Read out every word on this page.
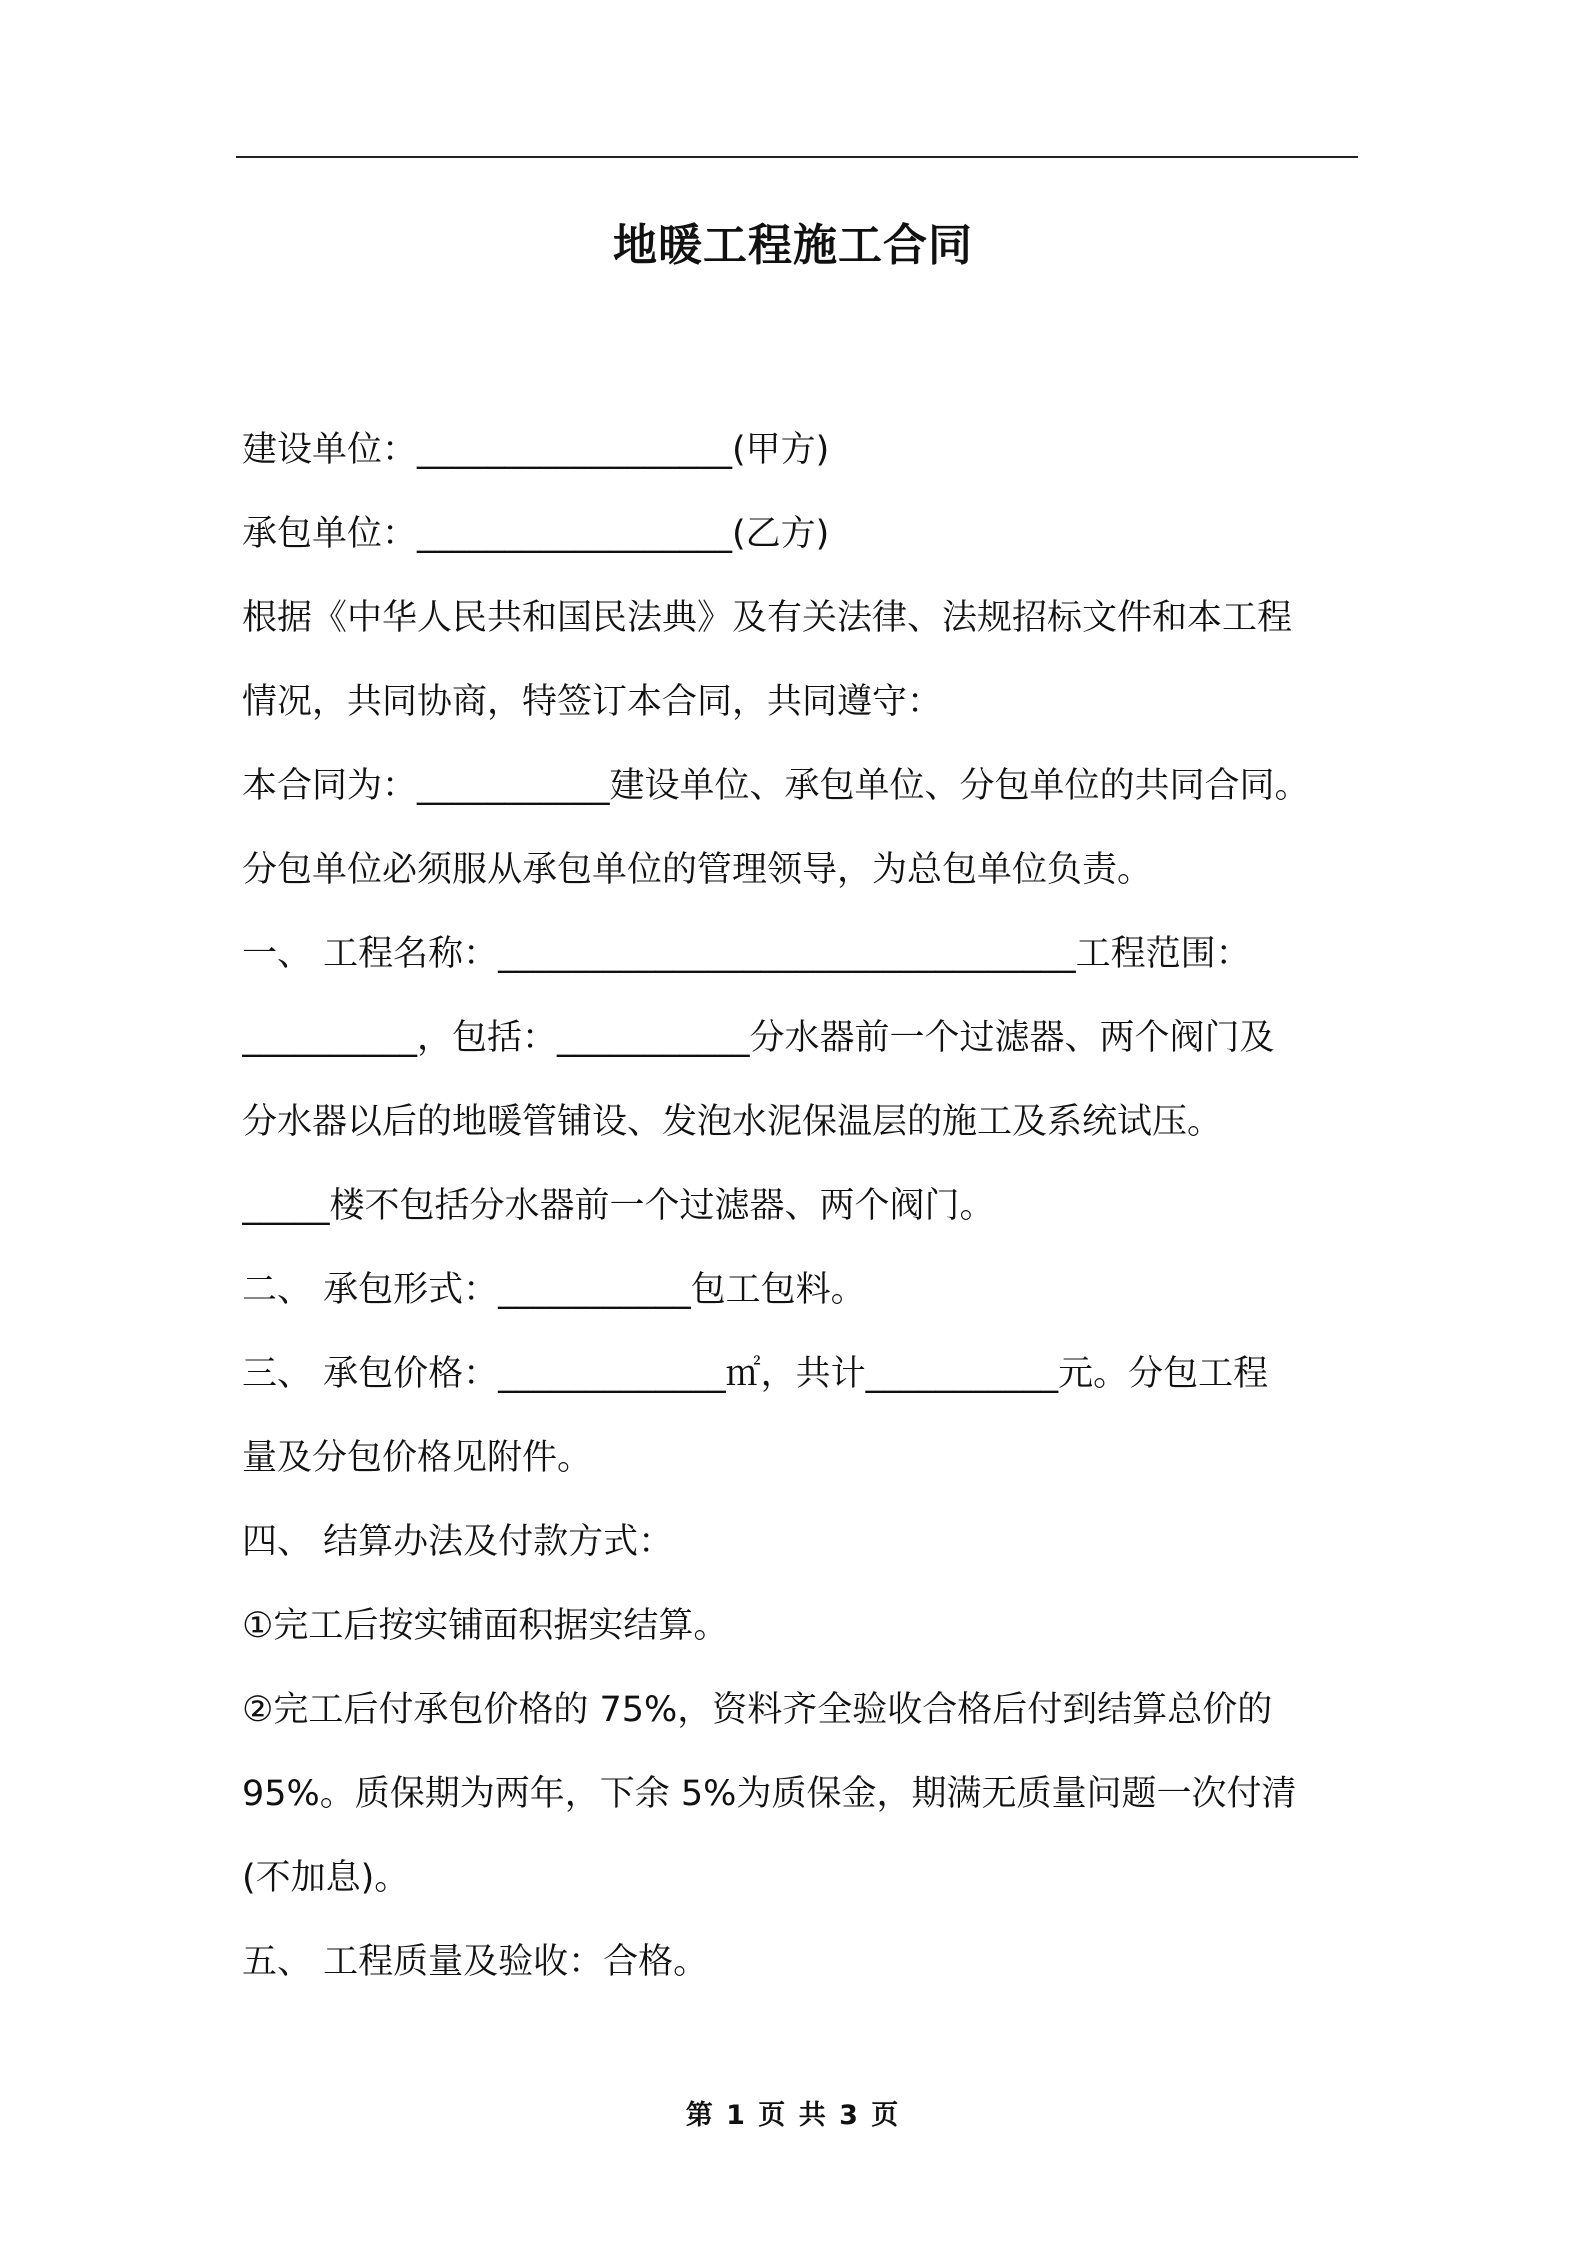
地暖工程施工合同
建设单位：__________________(甲方)
承包单位：__________________(乙方)
根据《中华人民共和国民法典》及有关法律、法规招标文件和本工程
情况，共同协商，特签订本合同，共同遵守：
本合同为：___________建设单位、承包单位、分包单位的共同合同。
分包单位必须服从承包单位的管理领导，为总包单位负责。
一、 工程名称：_________________________________工程范围：
__________，包括：___________分水器前一个过滤器、两个阀门及
分水器以后的地暖管铺设、发泡水泥保温层的施工及系统试压。
_____楼不包括分水器前一个过滤器、两个阀门。
二、 承包形式：___________包工包料。
三、 承包价格：_____________㎡，共计___________元。分包工程
量及分包价格见附件。
四、 结算办法及付款方式：
①完工后按实铺面积据实结算。
②完工后付承包价格的 75%，资料齐全验收合格后付到结算总价的
95%。质保期为两年，下余 5%为质保金，期满无质量问题一次付清
(不加息)。
五、 工程质量及验收：合格。
第 1 页 共 3 页
